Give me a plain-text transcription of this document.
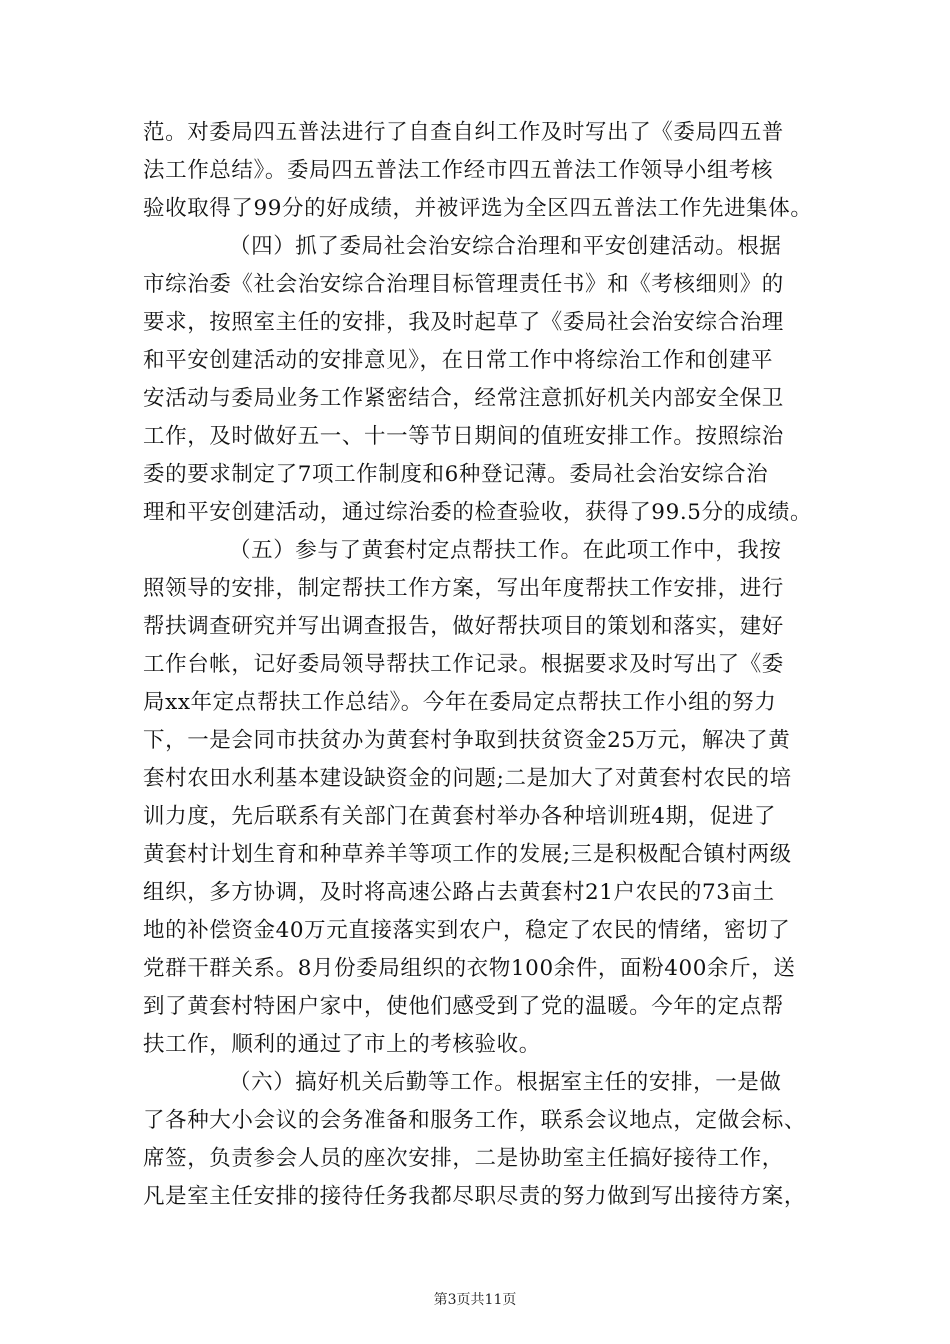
范。对委局四五普法进行了自查自纠工作及时写出了《委局四五普
法工作总结》。委局四五普法工作经市四五普法工作领导小组考核
验收取得了99分的好成绩，并被评选为全区四五普法工作先进集体。
（四）抓了委局社会治安综合治理和平安创建活动。根据
市综治委《社会治安综合治理目标管理责任书》和《考核细则》的
要求，按照室主任的安排，我及时起草了《委局社会治安综合治理
和平安创建活动的安排意见》，在日常工作中将综治工作和创建平
安活动与委局业务工作紧密结合，经常注意抓好机关内部安全保卫
工作，及时做好五一、十一等节日期间的值班安排工作。按照综治
委的要求制定了7项工作制度和6种登记薄。委局社会治安综合治
理和平安创建活动，通过综治委的检查验收，获得了99.5分的成绩。
（五）参与了黄套村定点帮扶工作。在此项工作中，我按
照领导的安排，制定帮扶工作方案，写出年度帮扶工作安排，进行
帮扶调查研究并写出调查报告，做好帮扶项目的策划和落实，建好
工作台帐，记好委局领导帮扶工作记录。根据要求及时写出了《委
局xx年定点帮扶工作总结》。今年在委局定点帮扶工作小组的努力
下，一是会同市扶贫办为黄套村争取到扶贫资金25万元，解决了黄
套村农田水利基本建设缺资金的问题;二是加大了对黄套村农民的培
训力度，先后联系有关部门在黄套村举办各种培训班4期，促进了
黄套村计划生育和种草养羊等项工作的发展;三是积极配合镇村两级
组织，多方协调，及时将高速公路占去黄套村21户农民的73亩土
地的补偿资金40万元直接落实到农户，稳定了农民的情绪，密切了
党群干群关系。8月份委局组织的衣物100余件，面粉400余斤，送
到了黄套村特困户家中，使他们感受到了党的温暖。今年的定点帮
扶工作，顺利的通过了市上的考核验收。
（六）搞好机关后勤等工作。根据室主任的安排，一是做
了各种大小会议的会务准备和服务工作，联系会议地点，定做会标、
席签，负责参会人员的座次安排，二是协助室主任搞好接待工作，
凡是室主任安排的接待任务我都尽职尽责的努力做到写出接待方案，
第3页共11页
